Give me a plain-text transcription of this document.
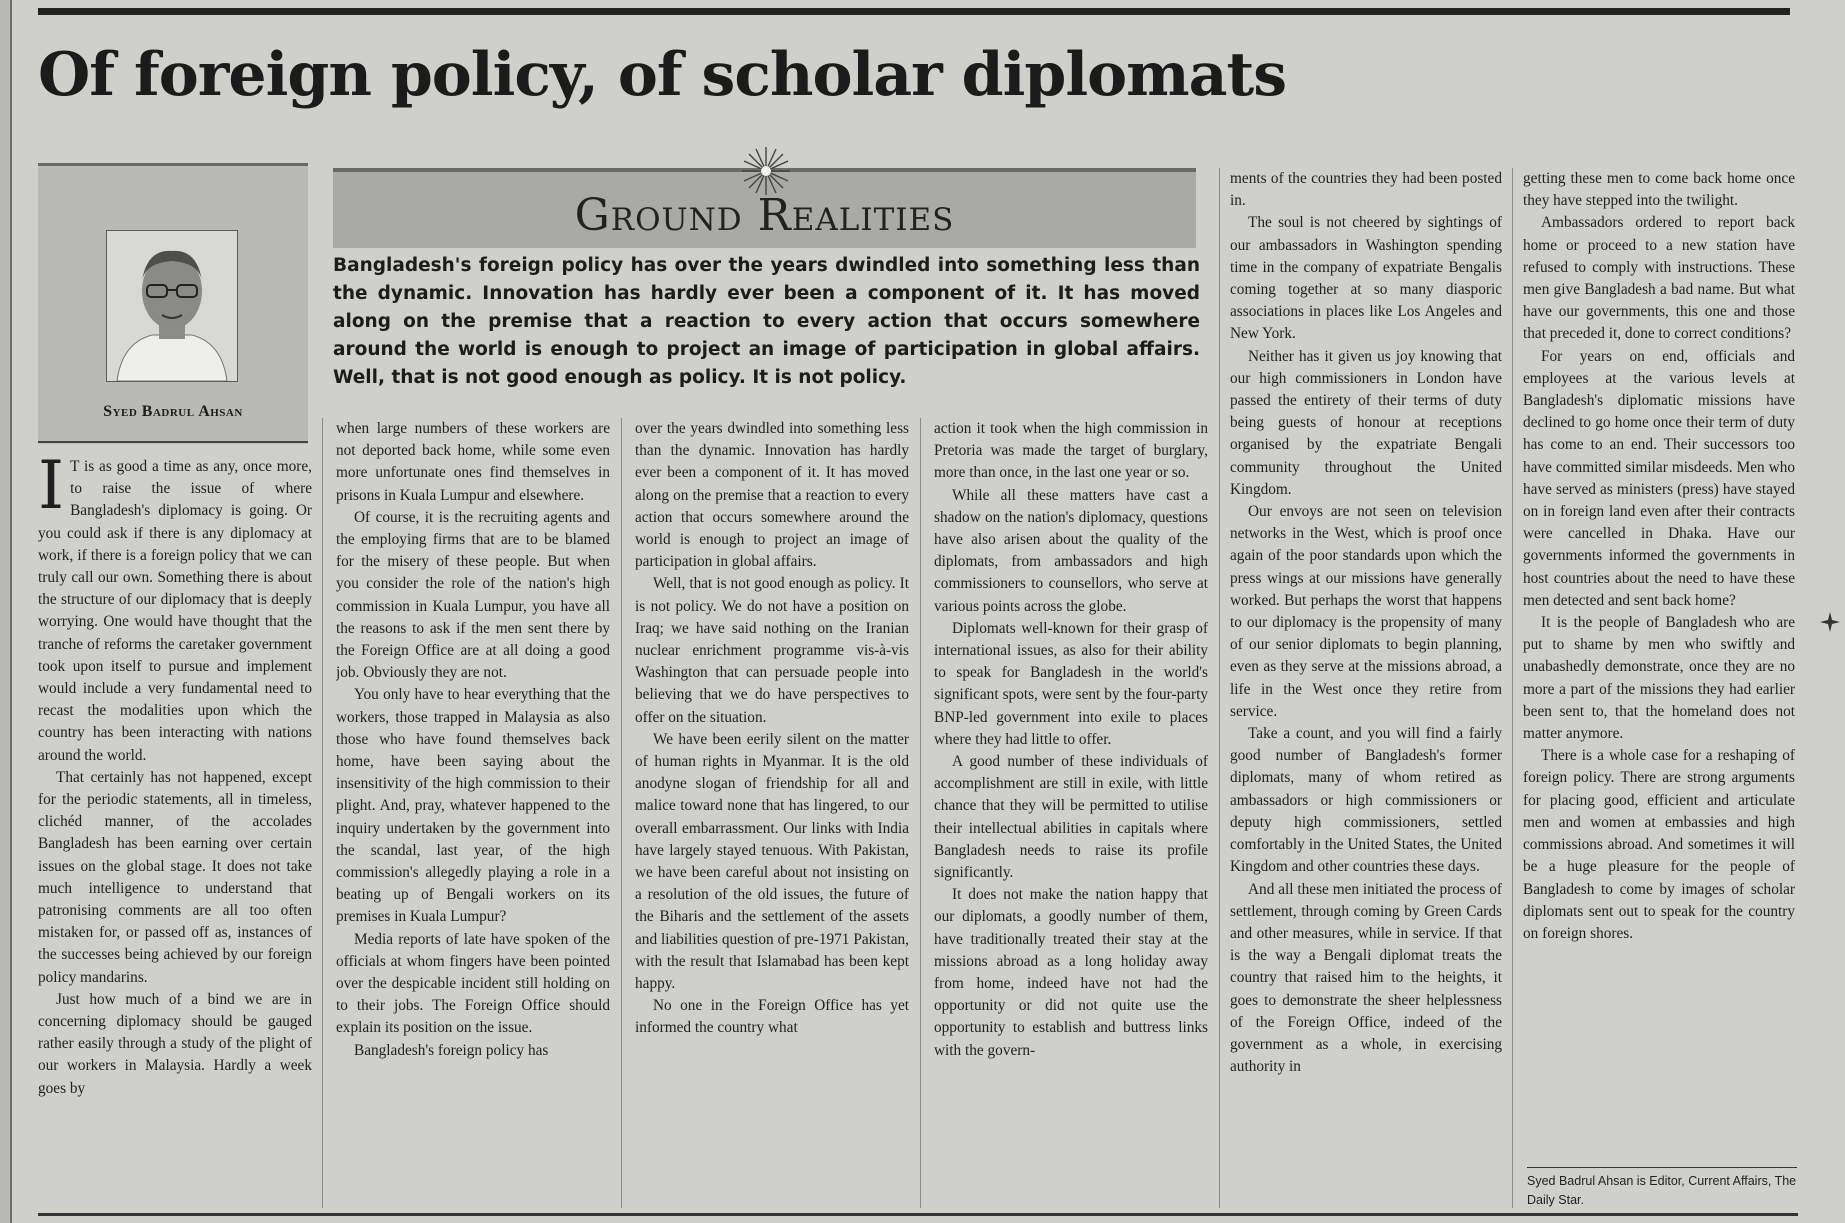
Of foreign policy, of scholar diplomats
Syed Badrul Ahsan
Ground Realities
Bangladesh's foreign policy has over the years dwindled into something less than the dynamic. Innovation has hardly ever been a component of it. It has moved along on the premise that a reaction to every action that occurs somewhere around the world is enough to project an image of participation in global affairs. Well, that is not good enough as policy. It is not policy.

I T is as good a time as any, once more, to raise the issue of where Bangladesh's diplomacy is going. Or you could ask if there is any diplomacy at work, if there is a foreign policy that we can truly call our own. Something there is about the structure of our diplomacy that is deeply worrying. One would have thought that the tranche of reforms the caretaker government took upon itself to pursue and implement would include a very fundamental need to recast the modalities upon which the country has been interacting with nations around the world.

That certainly has not happened, except for the periodic statements, all in timeless, clichéd manner, of the accolades Bangladesh has been earning over certain issues on the global stage. It does not take much intelligence to understand that patronising comments are all too often mistaken for, or passed off as, instances of the successes being achieved by our foreign policy mandarins.

Just how much of a bind we are in concerning diplomacy should be gauged rather easily through a study of the plight of our workers in Malaysia. Hardly a week goes by

when large numbers of these workers are not deported back home, while some even more unfortunate ones find themselves in prisons in Kuala Lumpur and elsewhere.

Of course, it is the recruiting agents and the employing firms that are to be blamed for the misery of these people. But when you consider the role of the nation's high commission in Kuala Lumpur, you have all the reasons to ask if the men sent there by the Foreign Office are at all doing a good job. Obviously they are not.

You only have to hear everything that the workers, those trapped in Malaysia as also those who have found themselves back home, have been saying about the insensitivity of the high commission to their plight. And, pray, whatever happened to the inquiry undertaken by the government into the scandal, last year, of the high commission's allegedly playing a role in a beating up of Bengali workers on its premises in Kuala Lumpur?

Media reports of late have spoken of the officials at whom fingers have been pointed over the despicable incident still holding on to their jobs. The Foreign Office should explain its position on the issue.

Bangladesh's foreign policy has

over the years dwindled into something less than the dynamic. Innovation has hardly ever been a component of it. It has moved along on the premise that a reaction to every action that occurs somewhere around the world is enough to project an image of participation in global affairs.

Well, that is not good enough as policy. It is not policy. We do not have a position on Iraq; we have said nothing on the Iranian nuclear enrichment programme vis-à-vis Washington that can persuade people into believing that we do have perspectives to offer on the situation.

We have been eerily silent on the matter of human rights in Myanmar. It is the old anodyne slogan of friendship for all and malice toward none that has lingered, to our overall embarrassment. Our links with India have largely stayed tenuous. With Pakistan, we have been careful about not insisting on a resolution of the old issues, the future of the Biharis and the settlement of the assets and liabilities question of pre-1971 Pakistan, with the result that Islamabad has been kept happy.

No one in the Foreign Office has yet informed the country what

action it took when the high commission in Pretoria was made the target of burglary, more than once, in the last one year or so.

While all these matters have cast a shadow on the nation's diplomacy, questions have also arisen about the quality of the diplomats, from ambassadors and high commissioners to counsellors, who serve at various points across the globe.

Diplomats well-known for their grasp of international issues, as also for their ability to speak for Bangladesh in the world's significant spots, were sent by the four-party BNP-led government into exile to places where they had little to offer.

A good number of these individuals of accomplishment are still in exile, with little chance that they will be permitted to utilise their intellectual abilities in capitals where Bangladesh needs to raise its profile significantly.

It does not make the nation happy that our diplomats, a goodly number of them, have traditionally treated their stay at the missions abroad as a long holiday away from home, indeed have not had the opportunity or did not quite use the opportunity to establish and buttress links with the govern-

ments of the countries they had been posted in.

The soul is not cheered by sightings of our ambassadors in Washington spending time in the company of expatriate Bengalis coming together at so many diasporic associations in places like Los Angeles and New York.

Neither has it given us joy knowing that our high commissioners in London have passed the entirety of their terms of duty being guests of honour at receptions organised by the expatriate Bengali community throughout the United Kingdom.

Our envoys are not seen on television networks in the West, which is proof once again of the poor standards upon which the press wings at our missions have generally worked. But perhaps the worst that happens to our diplomacy is the propensity of many of our senior diplomats to begin planning, even as they serve at the missions abroad, a life in the West once they retire from service.

Take a count, and you will find a fairly good number of Bangladesh's former diplomats, many of whom retired as ambassadors or high commissioners or deputy high commissioners, settled comfortably in the United States, the United Kingdom and other countries these days.

And all these men initiated the process of settlement, through coming by Green Cards and other measures, while in service. If that is the way a Bengali diplomat treats the country that raised him to the heights, it goes to demonstrate the sheer helplessness of the Foreign Office, indeed of the government as a whole, in exercising authority in

getting these men to come back home once they have stepped into the twilight.

Ambassadors ordered to report back home or proceed to a new station have refused to comply with instructions. These men give Bangladesh a bad name. But what have our governments, this one and those that preceded it, done to correct conditions?

For years on end, officials and employees at the various levels at Bangladesh's diplomatic missions have declined to go home once their term of duty has come to an end. Their successors too have committed similar misdeeds. Men who have served as ministers (press) have stayed on in foreign land even after their contracts were cancelled in Dhaka. Have our governments informed the governments in host countries about the need to have these men detected and sent back home?

It is the people of Bangladesh who are put to shame by men who swiftly and unabashedly demonstrate, once they are no more a part of the missions they had earlier been sent to, that the homeland does not matter anymore.

There is a whole case for a reshaping of foreign policy. There are strong arguments for placing good, efficient and articulate men and women at embassies and high commissions abroad. And sometimes it will be a huge pleasure for the people of Bangladesh to come by images of scholar diplomats sent out to speak for the country on foreign shores.

Syed Badrul Ahsan is Editor, Current Affairs, The Daily Star.
